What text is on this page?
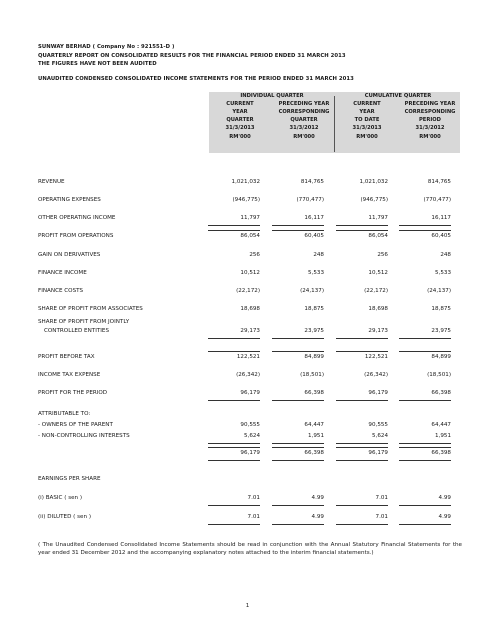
SUNWAY BERHAD ( Company No : 921551-D )
QUARTERLY REPORT ON CONSOLIDATED RESULTS FOR THE FINANCIAL PERIOD ENDED 31 MARCH 2013
THE FIGURES HAVE NOT BEEN AUDITED
UNAUDITED CONDENSED CONSOLIDATED INCOME STATEMENTS FOR THE PERIOD ENDED 31 MARCH 2013
INDIVIDUAL QUARTER	CUMULATIVE QUARTER
CURRENT
YEAR
QUARTER
31/3/2013
RM'000
PRECEDING YEAR
CORRESPONDING
QUARTER
31/3/2012
RM'000
CURRENT
YEAR
TO DATE
31/3/2013
RM'000
PRECEDING YEAR
CORRESPONDING
PERIOD
31/3/2012
RM'000
REVENUE	1,021,032	814,765	1,021,032	814,765
OPERATING EXPENSES	(946,775)	(770,477)	(946,775)	(770,477)
OTHER OPERATING INCOME	11,797	16,117	11,797	16,117
PROFIT FROM OPERATIONS	86,054	60,405	86,054	60,405
GAIN ON DERIVATIVES	256	248	256	248
FINANCE INCOME	10,512	5,533	10,512	5,533
FINANCE COSTS	(22,172)	(24,137)	(22,172)	(24,137)
SHARE OF PROFIT FROM ASSOCIATES	18,698	18,875	18,698	18,875
SHARE OF PROFIT FROM JOINTLY
CONTROLLED ENTITIES	29,173	23,975	29,173	23,975
PROFIT BEFORE TAX	122,521	84,899	122,521	84,899
INCOME TAX EXPENSE	(26,342)	(18,501)	(26,342)	(18,501)
PROFIT FOR THE PERIOD	96,179	66,398	96,179	66,398
ATTRIBUTABLE TO:
- OWNERS OF THE PARENT	90,555	64,447	90,555	64,447
- NON-CONTROLLING INTERESTS	5,624	1,951	5,624	1,951
96,179	66,398	96,179	66,398
EARNINGS PER SHARE
(i) BASIC ( sen )	7.01	4.99	7.01	4.99
(ii) DILUTED ( sen )	7.01	4.99	7.01	4.99
( The Unaudited Condensed Consolidated Income Statements should be read in conjunction with the Annual Statutory Financial Statements for the year ended 31 December 2012 and the accompanying explanatory notes attached to the interim financial statements.)
1
